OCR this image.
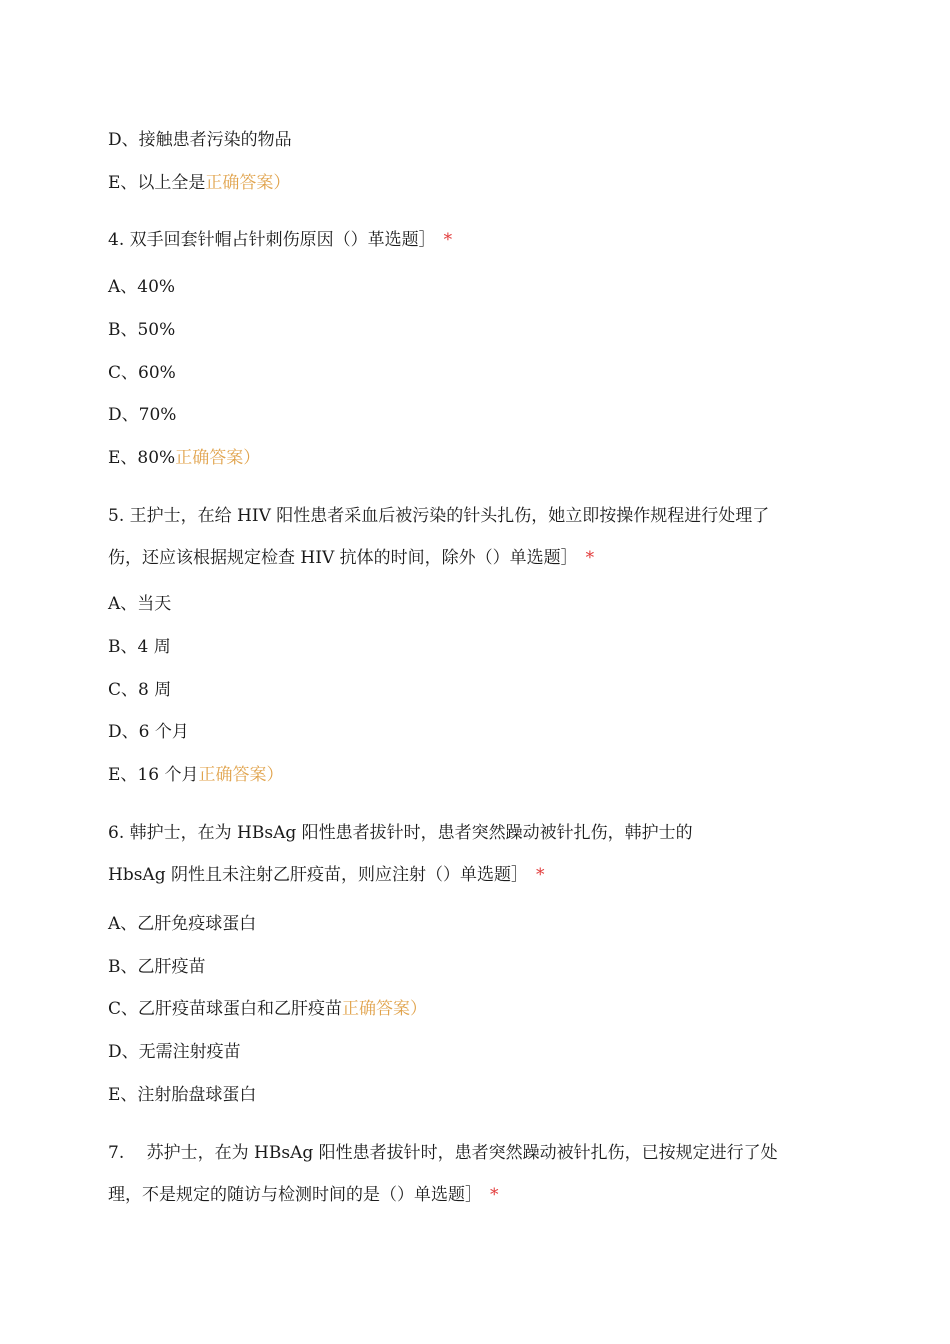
D、接触患者污染的物品
E、以上全是正确答案）
4. 双手回套针帽占针刺伤原因（）革选题］ *
A、40%
B、50%
C、60%
D、70%
E、80%正确答案）
5. 王护士，在给 HIV 阳性患者采血后被污染的针头扎伤，她立即按操作规程进行处理了
伤，还应该根据规定检查 HIV 抗体的时间，除外（）单选题］ *
A、当天
B、4 周
C、8 周
D、6 个月
E、16 个月正确答案）
6. 韩护士，在为 HBsAg 阳性患者拔针时，患者突然躁动被针扎伤，韩护士的
HbsAg 阴性且未注射乙肝疫苗，则应注射（）单选题］ *
A、乙肝免疫球蛋白
B、乙肝疫苗
C、乙肝疫苗球蛋白和乙肝疫苗正确答案）
D、无需注射疫苗
E、注射胎盘球蛋白
7.　 苏护士，在为 HBsAg 阳性患者拔针时，患者突然躁动被针扎伤，已按规定进行了处
理，不是规定的随访与检测时间的是（）单选题］ *
